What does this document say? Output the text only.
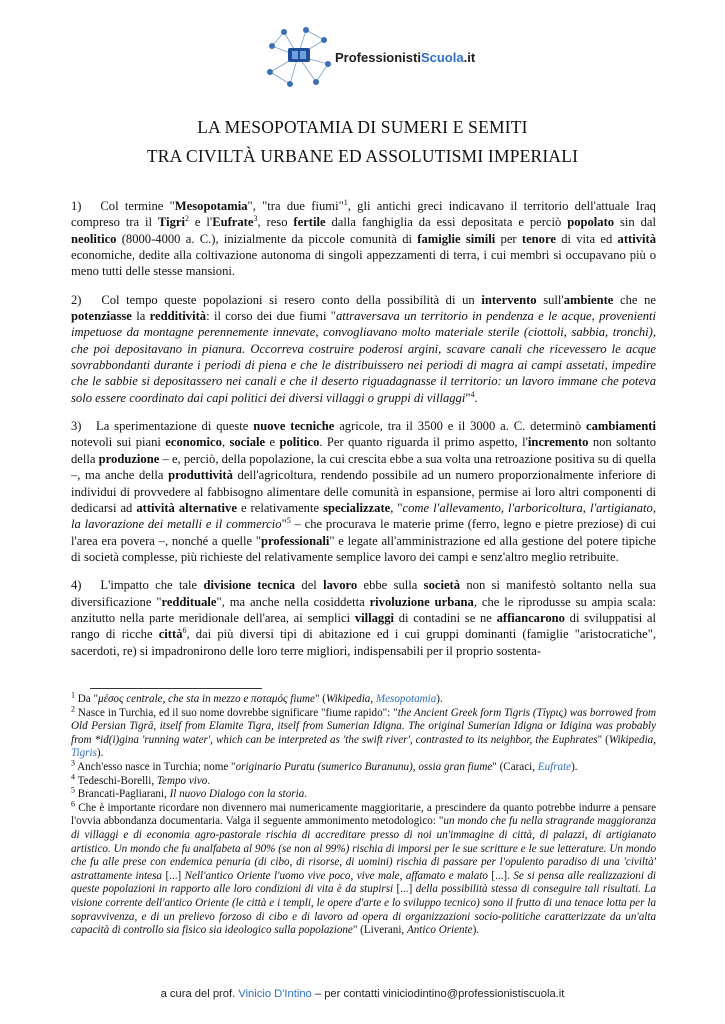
ProfessionistiScuola.it
LA MESOPOTAMIA DI SUMERI E SEMITI
TRA CIVILTÀ URBANE ED ASSOLUTISMI IMPERIALI

1)   Col termine "Mesopotamia", "tra due fiumi"$^1$, gli antichi greci indicavano il territorio dell'attuale Iraq compreso tra il Tigri$^2$ e l'Eufrate$^3$, reso fertile dalla fanghiglia da essi depositata e perciò popolato sin dal neolitico (8000-4000 a. C.), inizialmente da piccole comunità di famiglie simili per tenore di vita ed attività economiche, dedite alla coltivazione autonoma di singoli appezzamenti di terra, i cui membri si occupavano più o meno tutti delle stesse mansioni.

2)   Col tempo queste popolazioni si resero conto della possibilità di un intervento sull'ambiente che ne potenziasse la redditività: il corso dei due fiumi "attraversava un territorio in pendenza e le acque, provenienti impetuose da montagne perennemente innevate, convogliavano molto materiale sterile (ciottoli, sabbia, tronchi), che poi depositavano in pianura. Occorreva costruire poderosi argini, scavare canali che ricevessero le acque sovrabbondanti durante i periodi di piena e che le distribuissero nei periodi di magra ai campi assetati, impedire che le sabbie si depositassero nei canali e che il deserto riguadagnasse il territorio: un lavoro immane che poteva solo essere coordinato dai capi politici dei diversi villaggi o gruppi di villaggi"$^4$.

3)   La sperimentazione di queste nuove tecniche agricole, tra il 3500 e il 3000 a. C. determinò cambiamenti notevoli sui piani economico, sociale e politico. Per quanto riguarda il primo aspetto, l'incremento non soltanto della produzione – e, perciò, della popolazione, la cui crescita ebbe a sua volta una retroazione positiva su di quella –, ma anche della produttività dell'agricoltura, rendendo possibile ad un numero proporzionalmente inferiore di individui di provvedere al fabbisogno alimentare delle comunità in espansione, permise ai loro altri componenti di dedicarsi ad attività alternative e relativamente specializzate, "come l'allevamento, l'arboricoltura, l'artigianato, la lavorazione dei metalli e il commercio"$^5$ – che procurava le materie prime (ferro, legno e pietre preziose) di cui l'area era povera –, nonché a quelle "professionali" e legate all'amministrazione ed alla gestione del potere tipiche di società complesse, più richieste del relativamente semplice lavoro dei campi e senz'altro meglio retribuite.

4)   L'impatto che tale divisione tecnica del lavoro ebbe sulla società non si manifestò soltanto nella sua diversificazione "reddituale", ma anche nella cosiddetta rivoluzione urbana, che le riprodusse su ampia scala: anzitutto nella parte meridionale dell'area, ai semplici villaggi di contadini se ne affiancarono di sviluppatisi al rango di ricche città$^6$, dai più diversi tipi di abitazione ed i cui gruppi dominanti (famiglie "aristocratiche", sacerdoti, re) si impadronirono delle loro terre migliori, indispensabili per il proprio sostenta-

$^1$ Da "μέσος centrale, che sta in mezzo e ποταμός fiume" (Wikipedia, Mesopotamia).
$^2$ Nasce in Turchia, ed il suo nome dovrebbe significare "fiume rapido": "the Ancient Greek form Tigris (Τίγρις) was borrowed from Old Persian Tigrā, itself from Elamite Tigra, itself from Sumerian Idigna. The original Sumerian Idigna or Idigina was probably from *id(i)gina 'running water', which can be interpreted as 'the swift river', contrasted to its neighbor, the Euphrates" (Wikipedia, Tigris).
$^3$ Anch'esso nasce in Turchia; nome "originario Puratu (sumerico Buranunu), ossia gran fiume" (Caraci, Eufrate).
$^4$ Tedeschi-Borelli, Tempo vivo.
$^5$ Brancati-Pagliarani, Il nuovo Dialogo con la storia.
$^6$ Che è importante ricordare non divennero mai numericamente maggioritarie, a prescindere da quanto potrebbe indurre a pensare l'ovvia abbondanza documentaria. Valga il seguente ammonimento metodologico: "un mondo che fu nella stragrande maggioranza di villaggi e di economia agro-pastorale rischia di accreditare presso di noi un'immagine di città, di palazzi, di artigianato artistico. Un mondo che fu analfabeta al 90% (se non al 99%) rischia di imporsi per le sue scritture e le sue letterature. Un mondo che fu alle prese con endemica penuria (di cibo, di risorse, di uomini) rischia di passare per l'opulento paradiso di una 'civiltà' astrattamente intesa [...] Nell'antico Oriente l'uomo vive poco, vive male, affamato e malato [...]. Se si pensa alle realizzazioni di queste popolazioni in rapporto alle loro condizioni di vita è da stupirsi [...] della possibilità stessa di conseguire tali risultati. La visione corrente dell'antico Oriente (le città e i templi, le opere d'arte e lo sviluppo tecnico) sono il frutto di una tenace lotta per la sopravvivenza, e di un prelievo forzoso di cibo e di lavoro ad opera di organizzazioni socio-politiche caratterizzate da un'alta capacità di controllo sia fisico sia ideologico sulla popolazione" (Liverani, Antico Oriente).
a cura del prof. Vinicio D'Intino – per contatti viniciodintino@professionistiscuola.it
